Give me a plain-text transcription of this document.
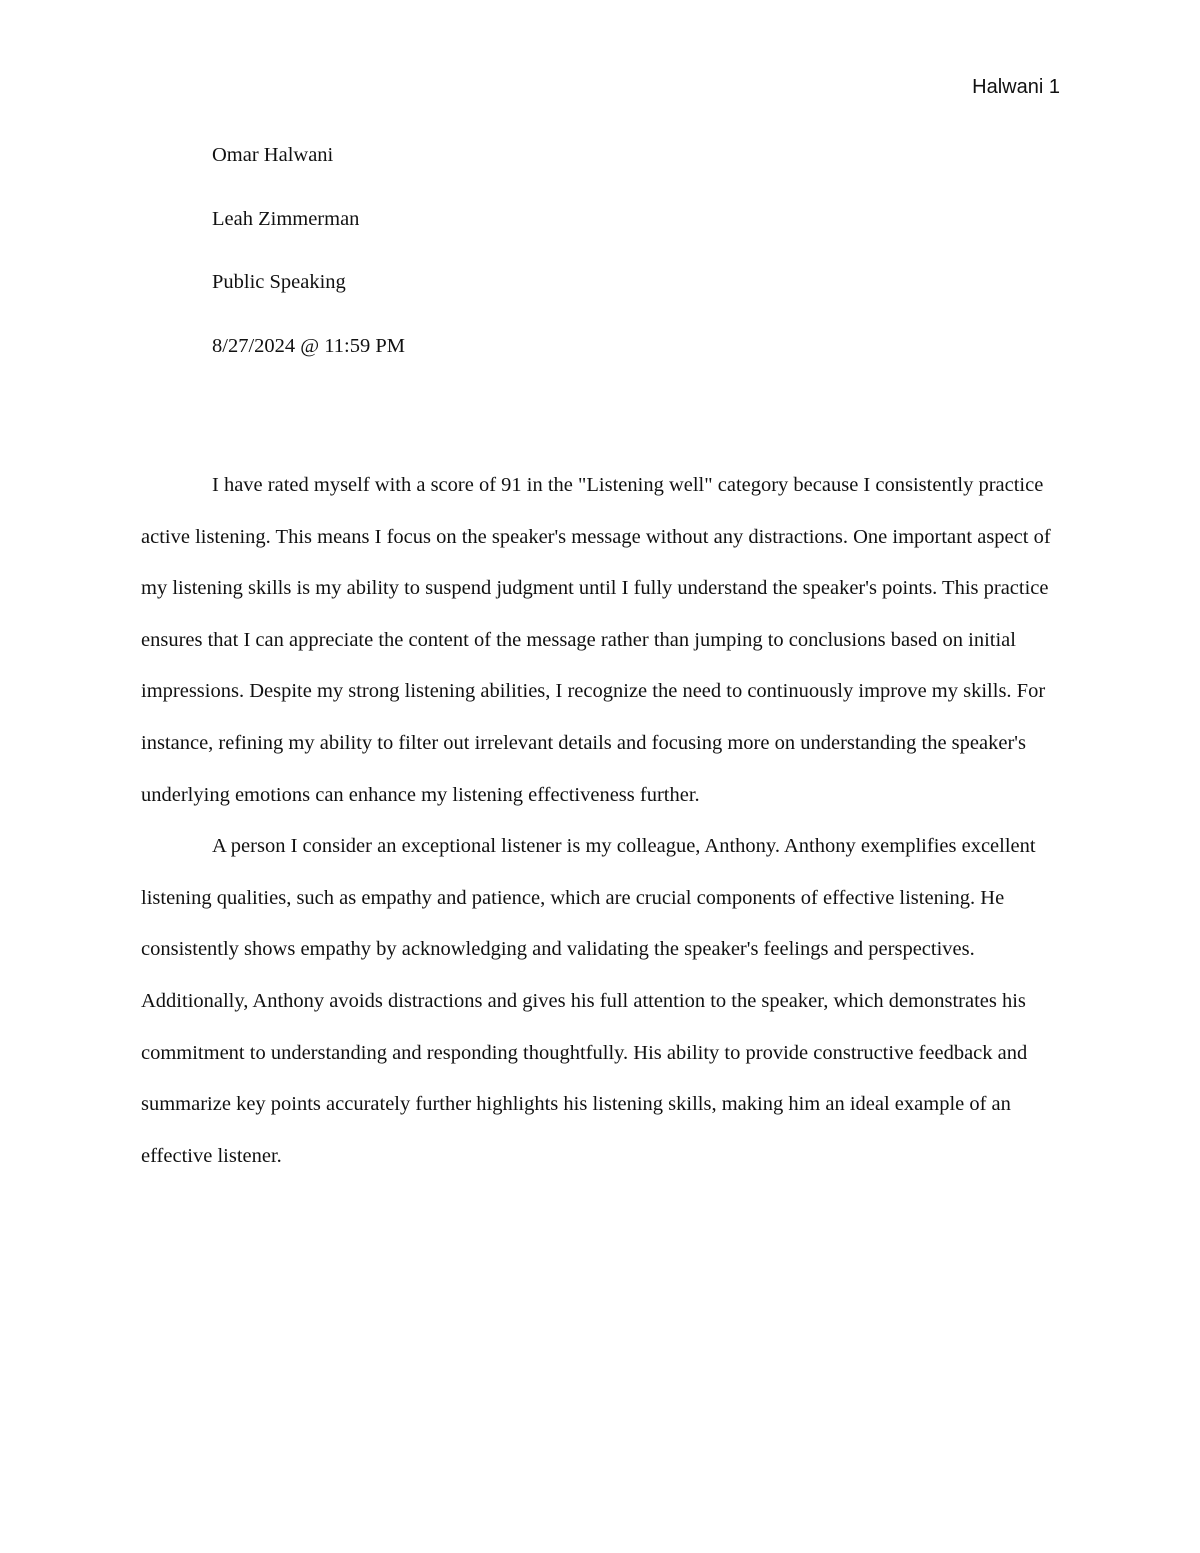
Halwani 1
Omar Halwani
Leah Zimmerman
Public Speaking
8/27/2024 @ 11:59 PM

I have rated myself with a score of 91 in the "Listening well" category because I consistently practice active listening. This means I focus on the speaker's message without any distractions. One important aspect of my listening skills is my ability to suspend judgment until I fully understand the speaker's points. This practice ensures that I can appreciate the content of the message rather than jumping to conclusions based on initial impressions. Despite my strong listening abilities, I recognize the need to continuously improve my skills. For instance, refining my ability to filter out irrelevant details and focusing more on understanding the speaker's underlying emotions can enhance my listening effectiveness further.

A person I consider an exceptional listener is my colleague, Anthony. Anthony exemplifies excellent listening qualities, such as empathy and patience, which are crucial components of effective listening. He consistently shows empathy by acknowledging and validating the speaker's feelings and perspectives. Additionally, Anthony avoids distractions and gives his full attention to the speaker, which demonstrates his commitment to understanding and responding thoughtfully. His ability to provide constructive feedback and summarize key points accurately further highlights his listening skills, making him an ideal example of an effective listener.
